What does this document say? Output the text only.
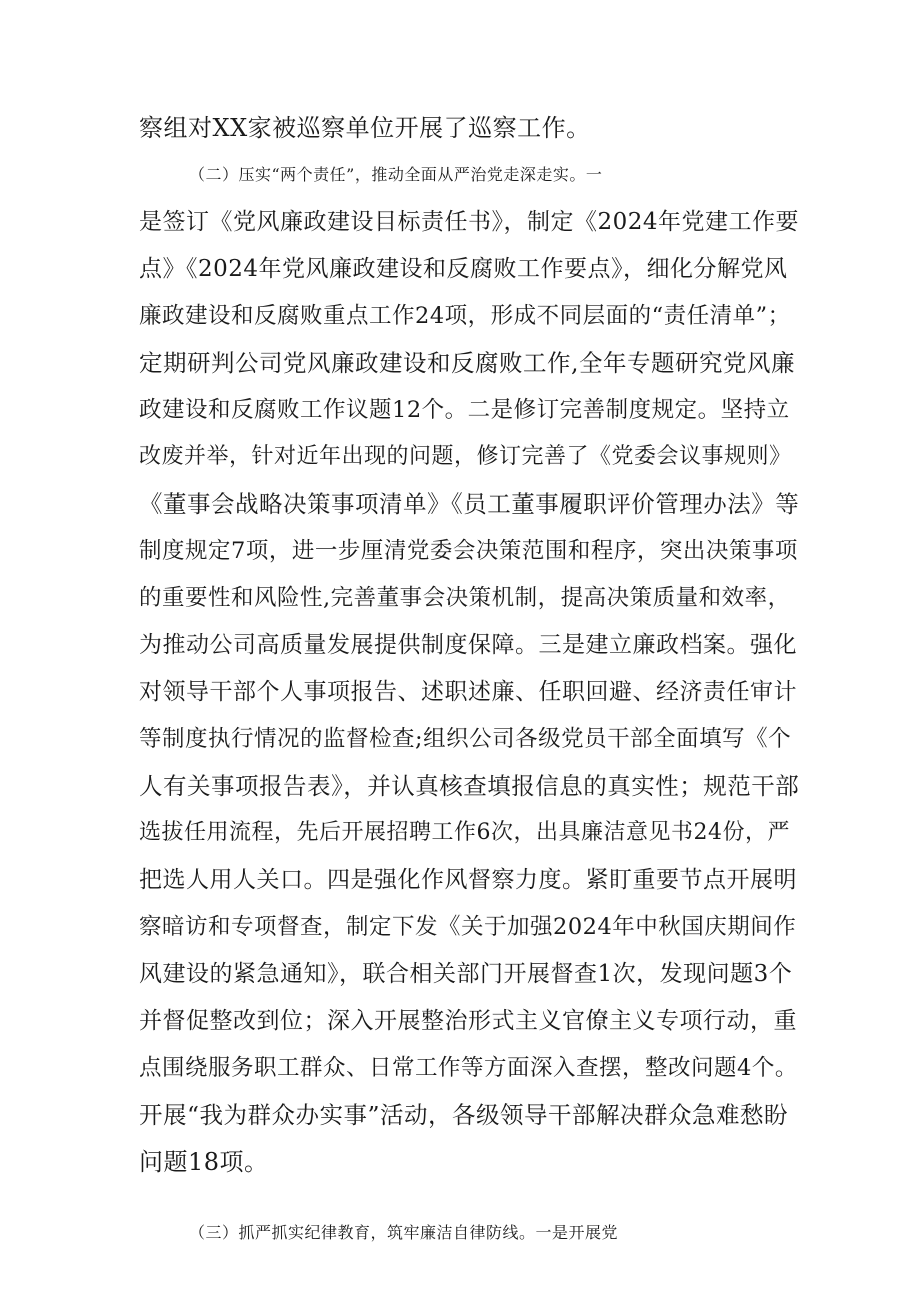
察组对XX家被巡察单位开展了巡察工作。
（二）压实“两个责任”，推动全面从严治党走深走实。一
是签订《党风廉政建设目标责任书》，制定《2024年党建工作要
点》《2024年党风廉政建设和反腐败工作要点》，细化分解党风
廉政建设和反腐败重点工作24项，形成不同层面的“责任清单”；
定期研判公司党风廉政建设和反腐败工作,全年专题研究党风廉
政建设和反腐败工作议题12个。二是修订完善制度规定。坚持立
改废并举，针对近年出现的问题，修订完善了《党委会议事规则》
《董事会战略决策事项清单》《员工董事履职评价管理办法》等
制度规定7项，进一步厘清党委会决策范围和程序，突出决策事项
的重要性和风险性,完善董事会决策机制，提高决策质量和效率，
为推动公司高质量发展提供制度保障。三是建立廉政档案。强化
对领导干部个人事项报告、述职述廉、任职回避、经济责任审计
等制度执行情况的监督检查;组织公司各级党员干部全面填写《个
人有关事项报告表》，并认真核查填报信息的真实性；规范干部
选拔任用流程，先后开展招聘工作6次，出具廉洁意见书24份，严
把选人用人关口。四是强化作风督察力度。紧盯重要节点开展明
察暗访和专项督查，制定下发《关于加强2024年中秋国庆期间作
风建设的紧急通知》，联合相关部门开展督查1次，发现问题3个
并督促整改到位；深入开展整治形式主义官僚主义专项行动，重
点围绕服务职工群众、日常工作等方面深入查摆，整改问题4个。
开展“我为群众办实事”活动，各级领导干部解决群众急难愁盼
问题18项。
（三）抓严抓实纪律教育，筑牢廉洁自律防线。一是开展党
